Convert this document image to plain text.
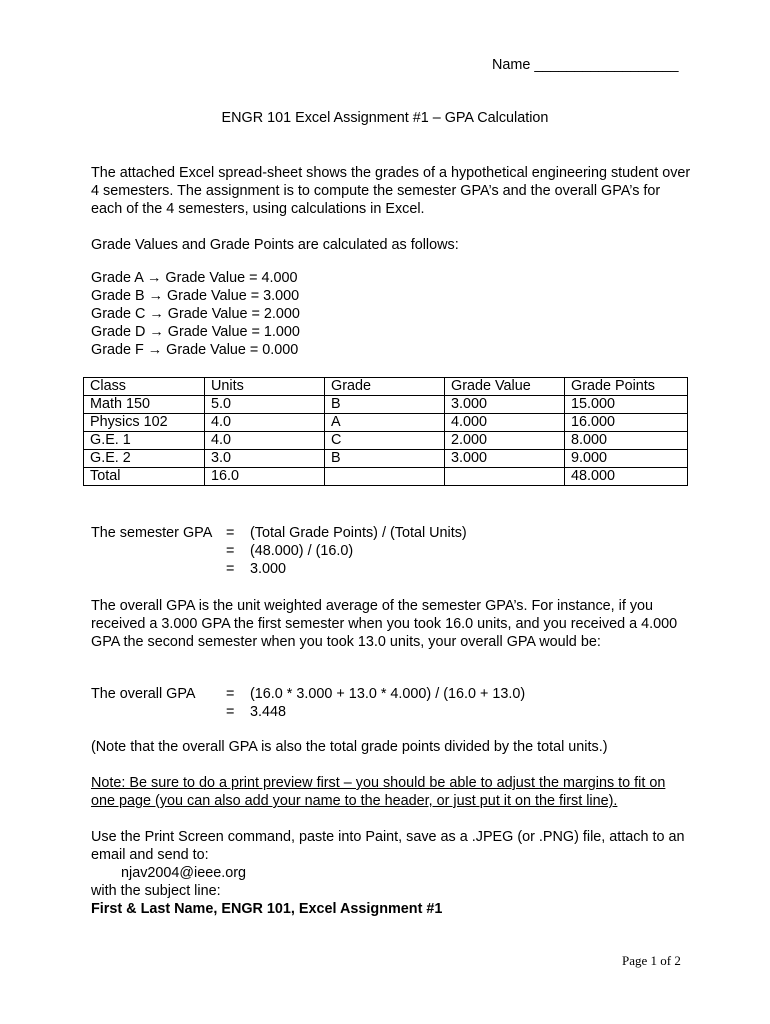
Name __________________
ENGR 101 Excel Assignment #1 – GPA Calculation
The attached Excel spread-sheet shows the grades of a hypothetical engineering student over 4 semesters. The assignment is to compute the semester GPA’s and the overall GPA’s for each of the 4 semesters, using calculations in Excel.
Grade Values and Grade Points are calculated as follows:
Grade A → Grade Value = 4.000
Grade B → Grade Value = 3.000
Grade C → Grade Value = 2.000
Grade D → Grade Value = 1.000
Grade F → Grade Value = 0.000
Class	Units	Grade	Grade Value	Grade Points
Math 150	5.0	B	3.000	15.000
Physics 102	4.0	A	4.000	16.000
G.E. 1	4.0	C	2.000	8.000
G.E. 2	3.0	B	3.000	9.000
Total	16.0			48.000
The semester GPA = (Total Grade Points) / (Total Units)
= (48.000) / (16.0)
= 3.000
The overall GPA is the unit weighted average of the semester GPA’s. For instance, if you received a 3.000 GPA the first semester when you took 16.0 units, and you received a 4.000 GPA the second semester when you took 13.0 units, your overall GPA would be:
The overall GPA = (16.0 * 3.000 + 13.0 * 4.000) / (16.0 + 13.0)
= 3.448
(Note that the overall GPA is also the total grade points divided by the total units.)
Note: Be sure to do a print preview first – you should be able to adjust the margins to fit on one page (you can also add your name to the header, or just put it on the first line).
Use the Print Screen command, paste into Paint, save as a .JPEG (or .PNG) file, attach to an email and send to:
njav2004@ieee.org
with the subject line:
First & Last Name, ENGR 101, Excel Assignment #1
Page 1 of 2
